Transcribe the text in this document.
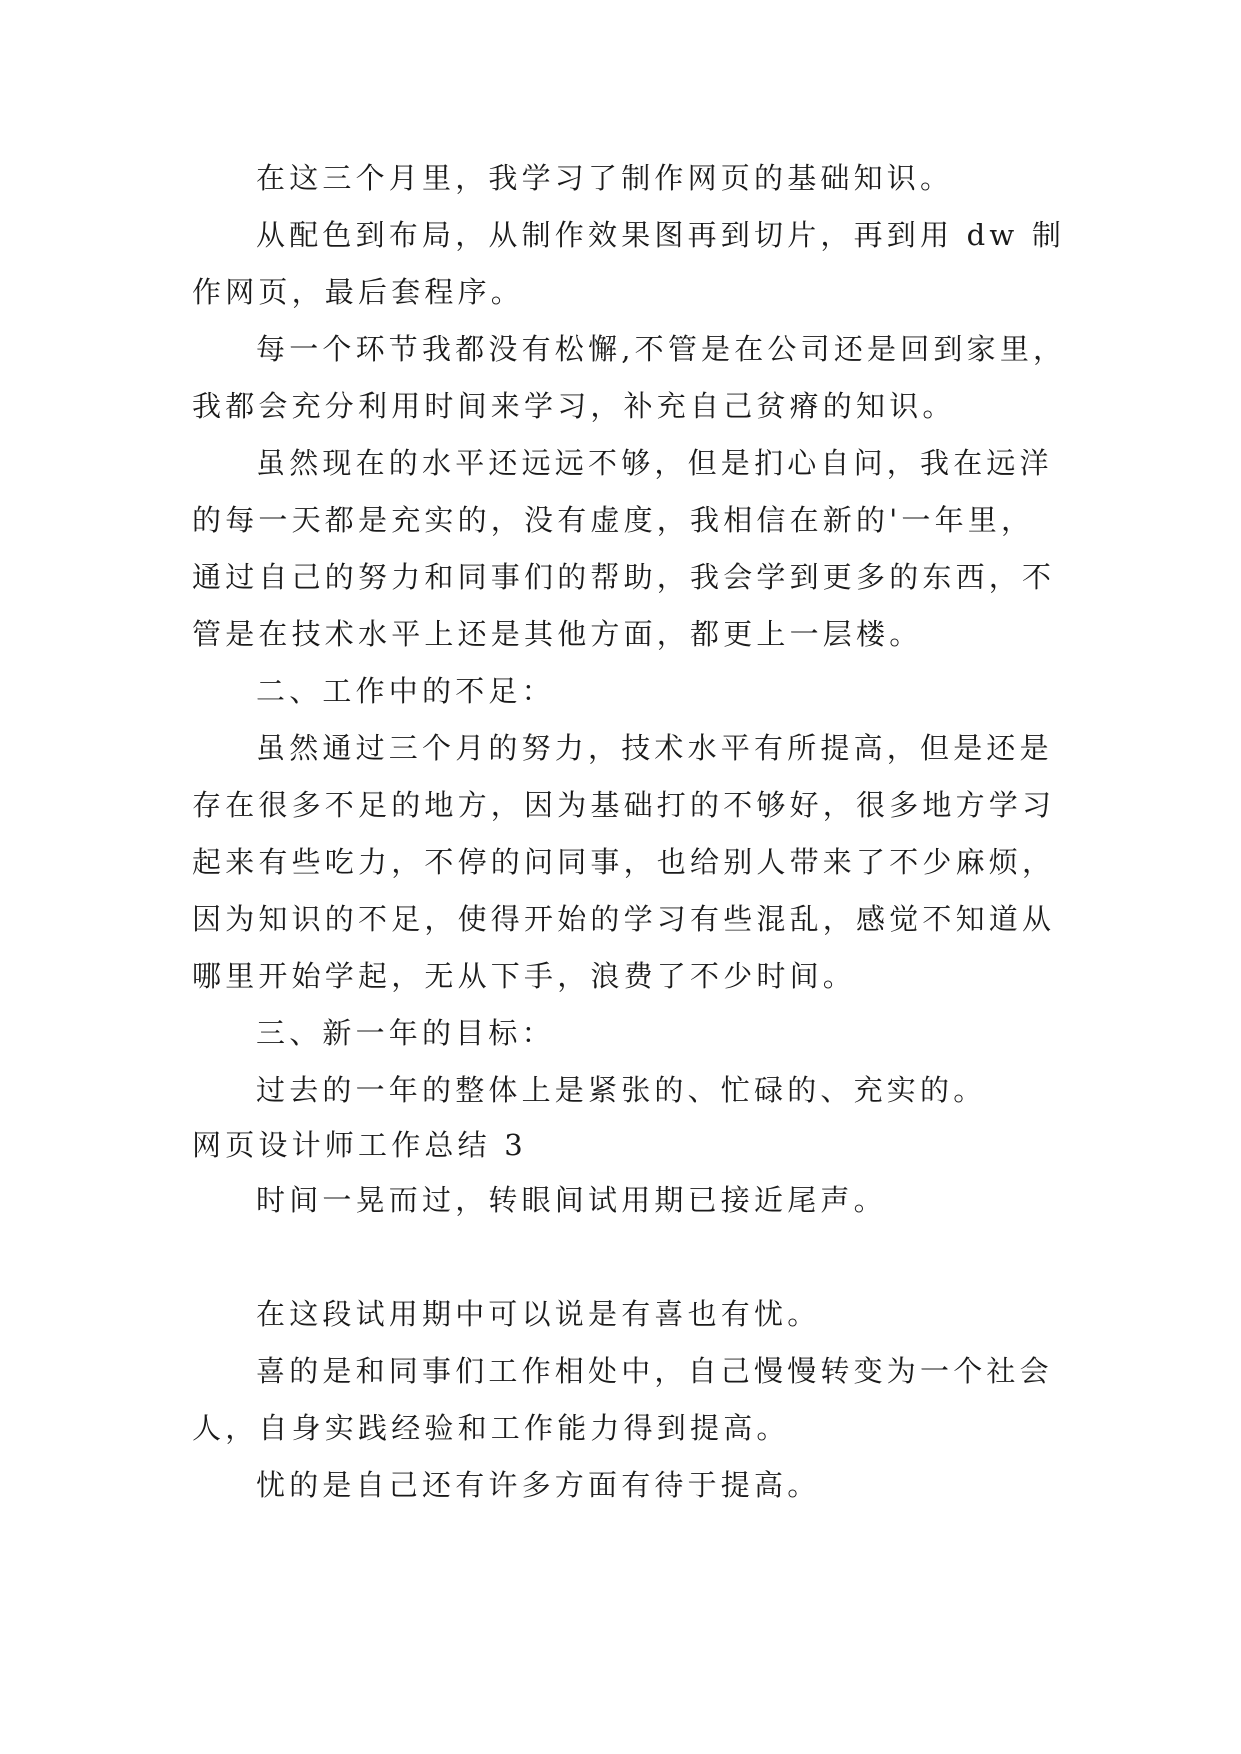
在这三个月里，我学习了制作网页的基础知识。
从配色到布局，从制作效果图再到切片，再到用 dw 制
作网页，最后套程序。
每一个环节我都没有松懈,不管是在公司还是回到家里，
我都会充分利用时间来学习，补充自己贫瘠的知识。
虽然现在的水平还远远不够，但是扪心自问，我在远洋
的每一天都是充实的，没有虚度，我相信在新的'一年里，
通过自己的努力和同事们的帮助，我会学到更多的东西，不
管是在技术水平上还是其他方面，都更上一层楼。
二、工作中的不足：
虽然通过三个月的努力，技术水平有所提高，但是还是
存在很多不足的地方，因为基础打的不够好，很多地方学习
起来有些吃力，不停的问同事，也给别人带来了不少麻烦，
因为知识的不足，使得开始的学习有些混乱，感觉不知道从
哪里开始学起，无从下手，浪费了不少时间。
三、新一年的目标：
过去的一年的整体上是紧张的、忙碌的、充实的。
网页设计师工作总结 3
时间一晃而过，转眼间试用期已接近尾声。
在这段试用期中可以说是有喜也有忧。
喜的是和同事们工作相处中，自己慢慢转变为一个社会
人，自身实践经验和工作能力得到提高。
忧的是自己还有许多方面有待于提高。
